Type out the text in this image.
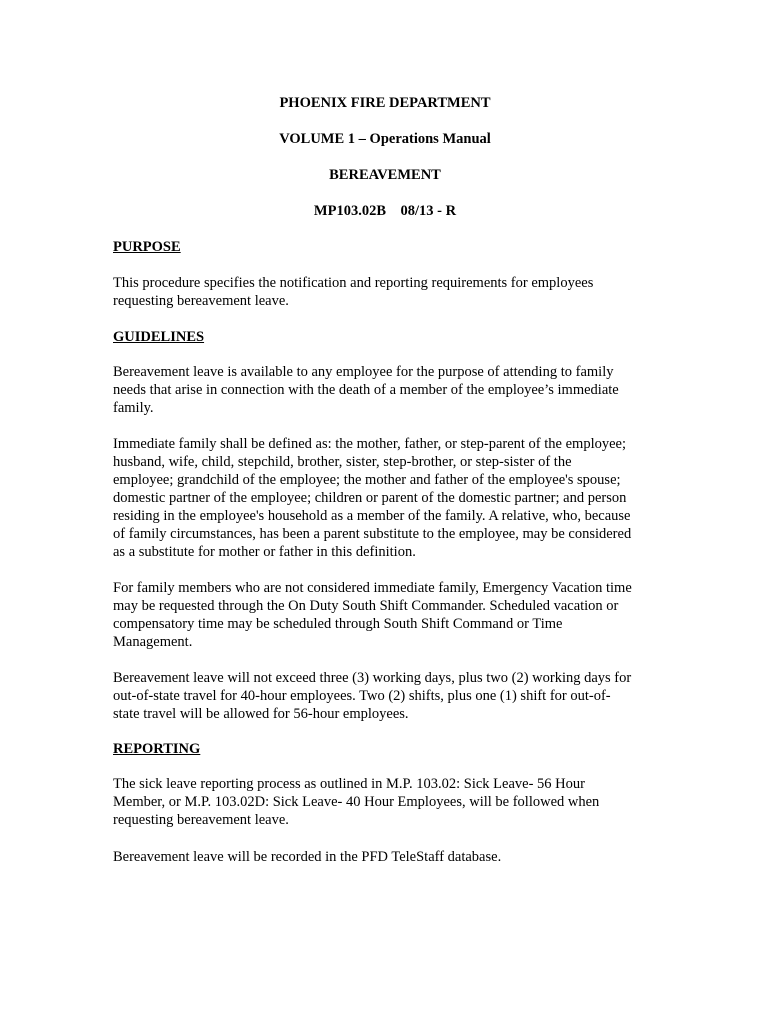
PHOENIX FIRE DEPARTMENT
VOLUME 1 – Operations Manual
BEREAVEMENT
MP103.02B    08/13 - R
PURPOSE
This procedure specifies the notification and reporting requirements for employees
requesting bereavement leave.
GUIDELINES
Bereavement leave is available to any employee for the purpose of attending to family
needs that arise in connection with the death of a member of the employee’s immediate
family.
Immediate family shall be defined as: the mother, father, or step-parent of the employee;
husband, wife, child, stepchild, brother, sister, step-brother, or step-sister of the
employee; grandchild of the employee; the mother and father of the employee's spouse;
domestic partner of the employee; children or parent of the domestic partner; and person
residing in the employee's household as a member of the family. A relative, who, because
of family circumstances, has been a parent substitute to the employee, may be considered
as a substitute for mother or father in this definition.
For family members who are not considered immediate family, Emergency Vacation time
may be requested through the On Duty South Shift Commander. Scheduled vacation or
compensatory time may be scheduled through South Shift Command or Time
Management.
Bereavement leave will not exceed three (3) working days, plus two (2) working days for
out-of-state travel for 40-hour employees. Two (2) shifts, plus one (1) shift for out-of-
state travel will be allowed for 56-hour employees.
REPORTING
The sick leave reporting process as outlined in M.P. 103.02: Sick Leave- 56 Hour
Member, or M.P. 103.02D: Sick Leave- 40 Hour Employees, will be followed when
requesting bereavement leave.
Bereavement leave will be recorded in the PFD TeleStaff database.
